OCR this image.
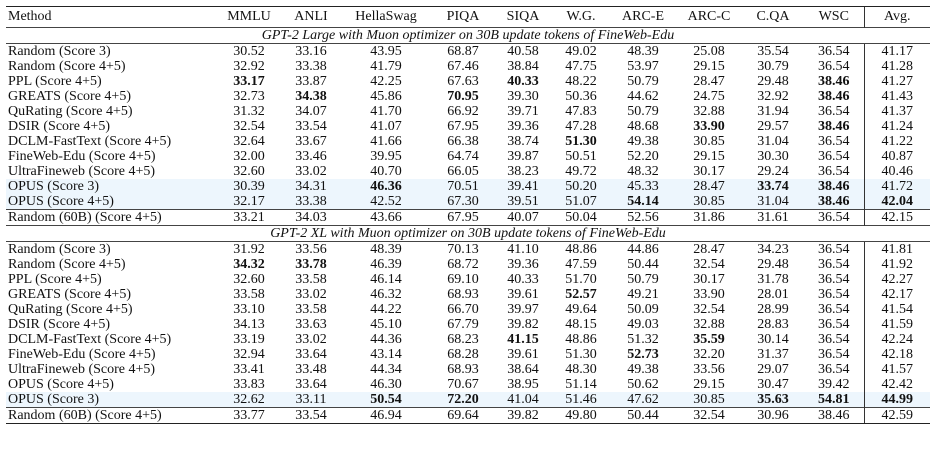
Method	MMLU	ANLI	HellaSwag	PIQA	SIQA	W.G.	ARC-E	ARC-C	C.QA	WSC	Avg.
GPT-2 Large with Muon optimizer on 30B update tokens of FineWeb-Edu											
Random (Score 3)	30.52	33.16	43.95	68.87	40.58	49.02	48.39	25.08	35.54	36.54	41.17
Random (Score 4+5)	32.92	33.38	41.79	67.46	38.84	47.75	53.97	29.15	30.79	36.54	41.28
PPL (Score 4+5)	33.17	33.87	42.25	67.63	40.33	48.22	50.79	28.47	29.48	38.46	41.27
GREATS (Score 4+5)	32.73	34.38	45.86	70.95	39.30	50.36	44.62	24.75	32.92	38.46	41.43
QuRating (Score 4+5)	31.32	34.07	41.70	66.92	39.71	47.83	50.79	32.88	31.94	36.54	41.37
DSIR (Score 4+5)	32.54	33.54	41.07	67.95	39.36	47.28	48.68	33.90	29.57	38.46	41.24
DCLM-FastText (Score 4+5)	32.64	33.67	41.66	66.38	38.74	51.30	49.38	30.85	31.04	36.54	41.22
FineWeb-Edu (Score 4+5)	32.00	33.46	39.95	64.74	39.87	50.51	52.20	29.15	30.30	36.54	40.87
UltraFineweb (Score 4+5)	32.60	33.02	40.70	66.05	38.23	49.72	48.32	30.17	29.24	36.54	40.46
OPUS (Score 3)	30.39	34.31	46.36	70.51	39.41	50.20	45.33	28.47	33.74	38.46	41.72
OPUS (Score 4+5)	32.17	33.38	42.52	67.30	39.51	51.07	54.14	30.85	31.04	38.46	42.04
Random (60B) (Score 4+5)	33.21	34.03	43.66	67.95	40.07	50.04	52.56	31.86	31.61	36.54	42.15
GPT-2 XL with Muon optimizer on 30B update tokens of FineWeb-Edu											
Random (Score 3)	31.92	33.56	48.39	70.13	41.10	48.86	44.86	28.47	34.23	36.54	41.81
Random (Score 4+5)	34.32	33.78	46.39	68.72	39.36	47.59	50.44	32.54	29.48	36.54	41.92
PPL (Score 4+5)	32.60	33.58	46.14	69.10	40.33	51.70	50.79	30.17	31.78	36.54	42.27
GREATS (Score 4+5)	33.58	33.02	46.32	68.93	39.61	52.57	49.21	33.90	28.01	36.54	42.17
QuRating (Score 4+5)	33.10	33.58	44.22	66.70	39.97	49.64	50.09	32.54	28.99	36.54	41.54
DSIR (Score 4+5)	34.13	33.63	45.10	67.79	39.82	48.15	49.03	32.88	28.83	36.54	41.59
DCLM-FastText (Score 4+5)	33.19	33.02	44.36	68.23	41.15	48.86	51.32	35.59	30.14	36.54	42.24
FineWeb-Edu (Score 4+5)	32.94	33.64	43.14	68.28	39.61	51.30	52.73	32.20	31.37	36.54	42.18
UltraFineweb (Score 4+5)	33.41	33.48	44.34	68.93	38.64	48.30	49.38	33.56	29.07	36.54	41.57
OPUS (Score 4+5)	33.83	33.64	46.30	70.67	38.95	51.14	50.62	29.15	30.47	39.42	42.42
OPUS (Score 3)	32.62	33.11	50.54	72.20	41.04	51.46	47.62	30.85	35.63	54.81	44.99
Random (60B) (Score 4+5)	33.77	33.54	46.94	69.64	39.82	49.80	50.44	32.54	30.96	38.46	42.59
